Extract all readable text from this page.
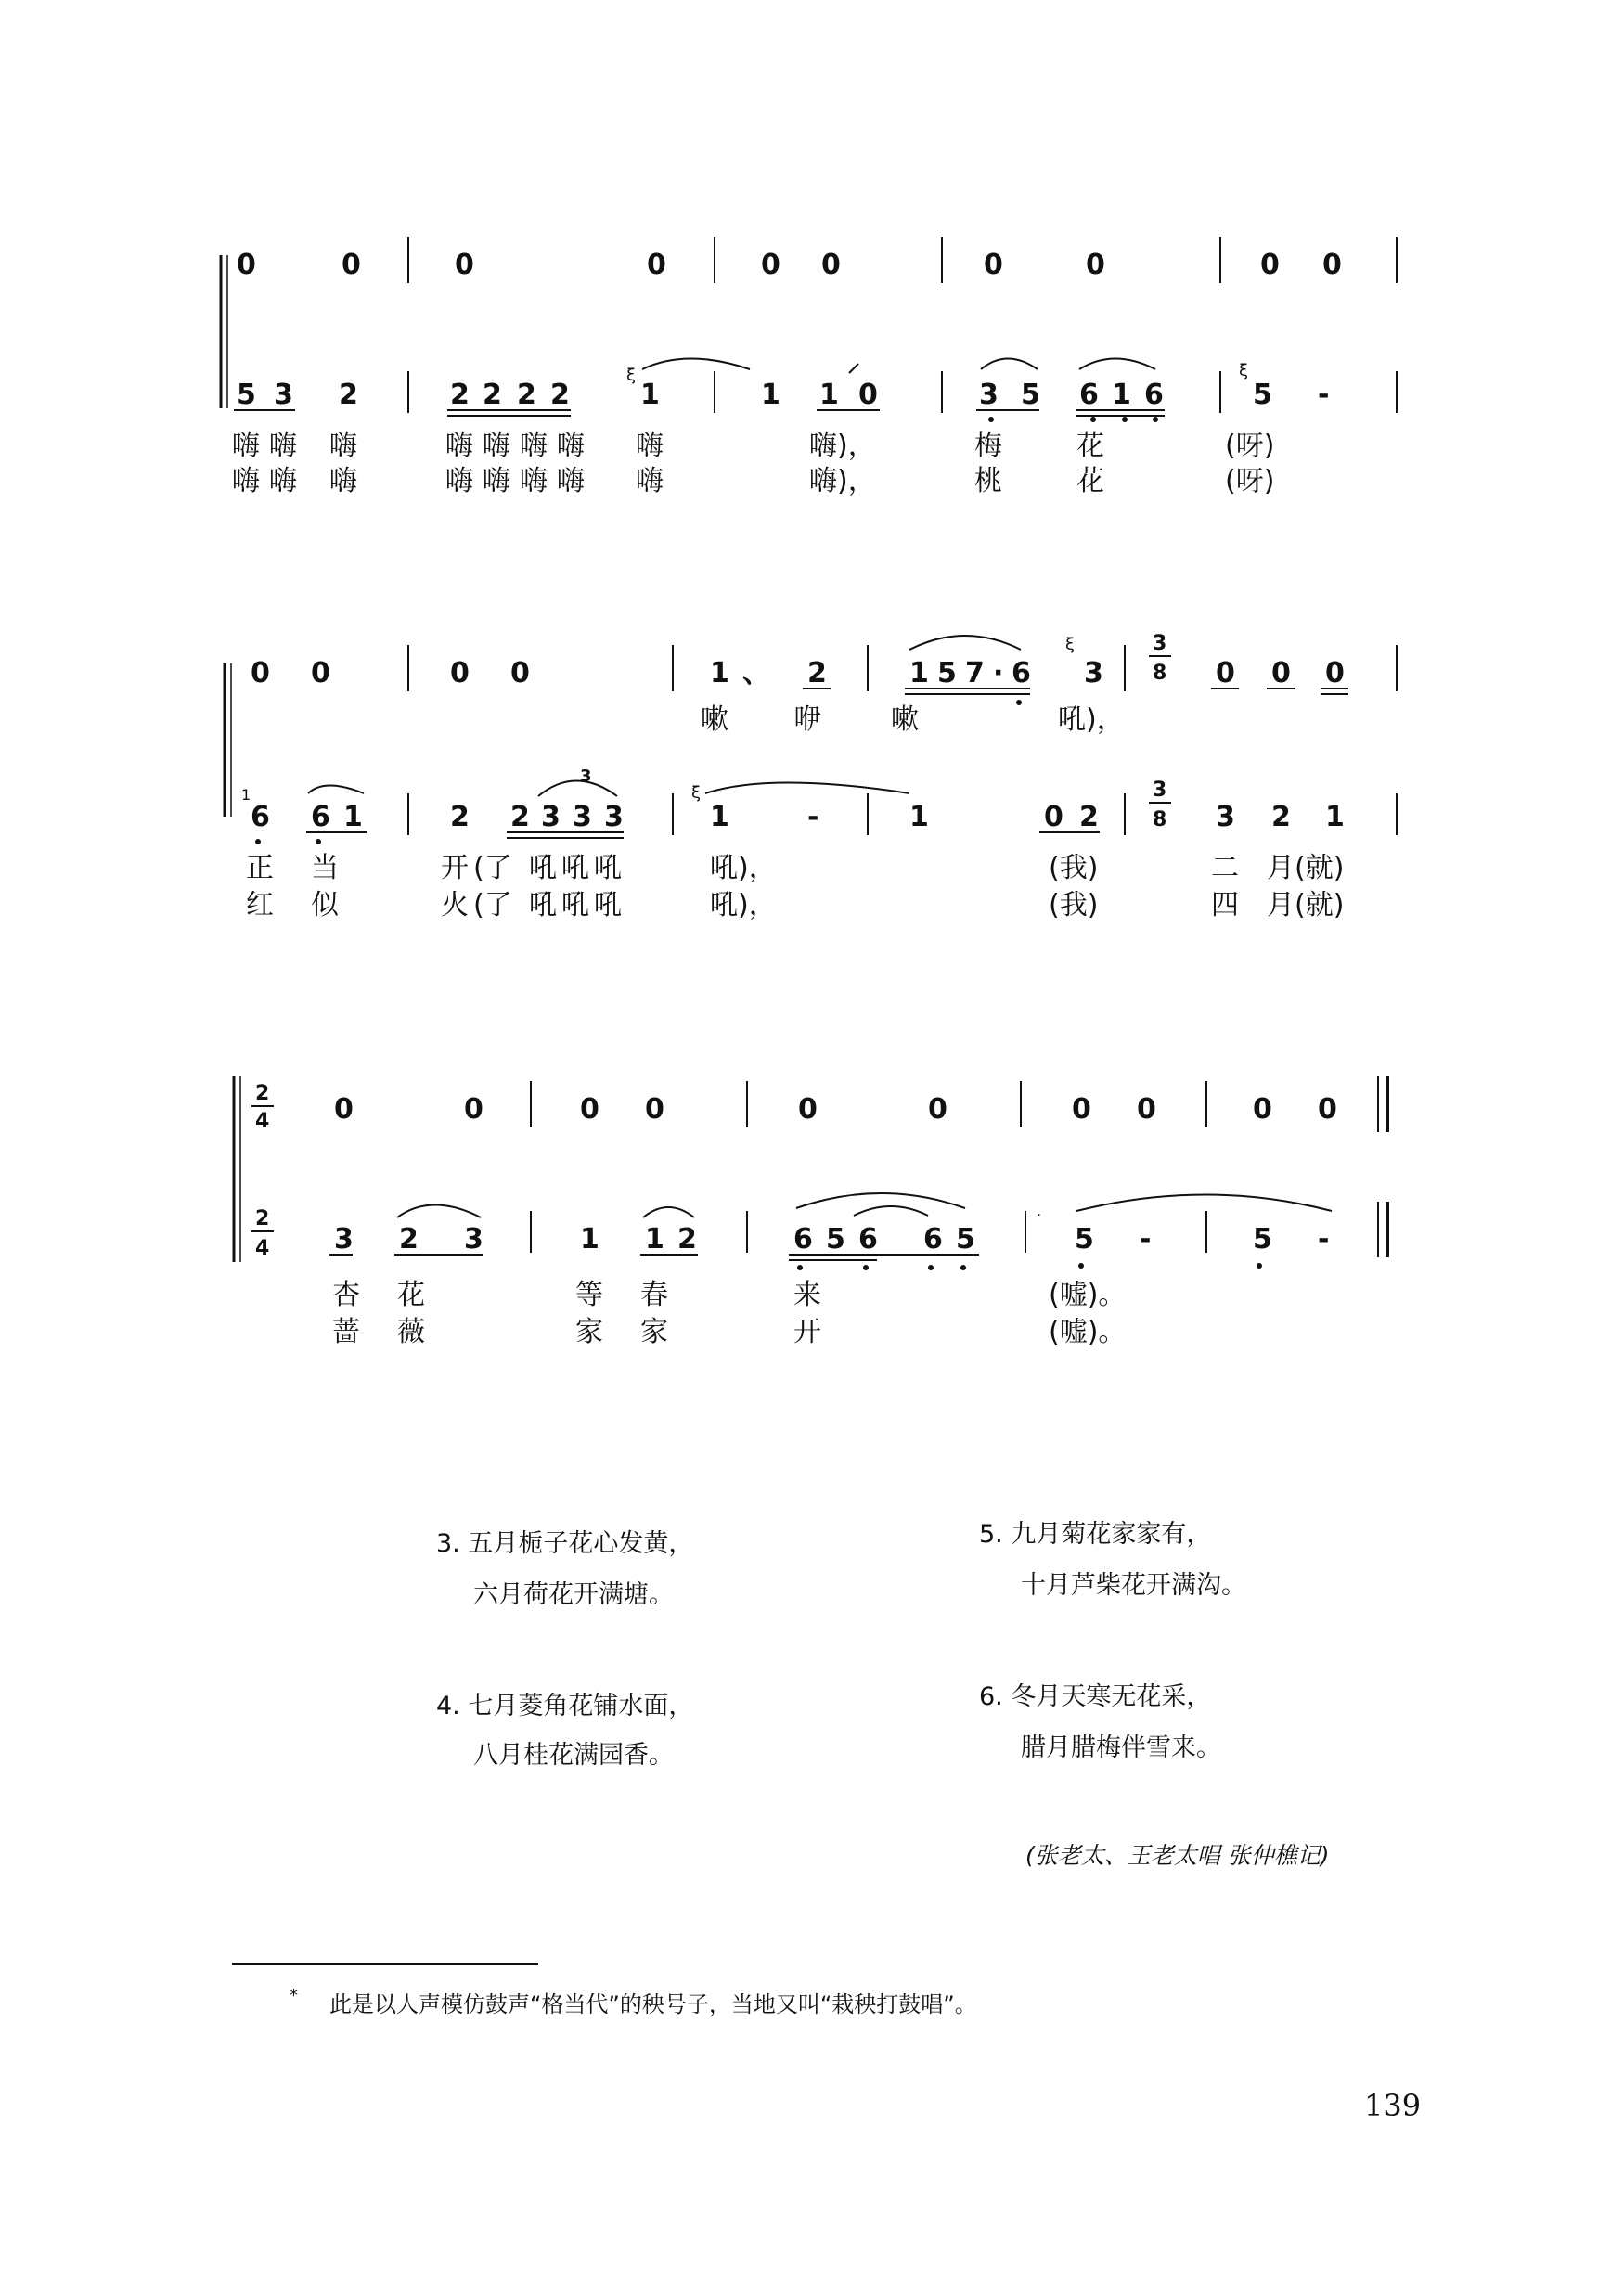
0	0	0	0	0 0	0	0	0 0
5 3 2	2 2 2 2	1	1 1 0	3 5 6 1 6	5 -
ξ	ξ
嗨 嗨 嗨	嗨 嗨 嗨 嗨 嗨	嗨)，	梅	花	(呀)
嗨 嗨 嗨	嗨 嗨 嗨 嗨 嗨	嗨)，	桃	花	(呀)
0 0	0 0	1 、 2	1 5 7 · 6 3	0 0 0
3
8
ξ
嗽 咿	嗽	吼)，
6 6 1	2 2 3 3 3	1	-	1	0 2	3 2 1
3
8
3
1	ξ
正 当	开 (了 吼 吼 吼	吼)，	(我)	二 月 (就)
红 似	火 (了 吼 吼 吼	吼)，	(我)	四 月 (就)
2
4
2
4
0	0	0 0	0	0	0 0	0 0
3 2 3	1 1 2	6 5 6 6 5	5 -	5 -
˙
杏 花	等 春	来	(嘘)。
蔷 薇	家 家	开	(嘘)。
3. 五月栀子花心发黄，
六月荷花开满塘。
4. 七月菱角花铺水面，
八月桂花满园香。
5. 九月菊花家家有，
十月芦柴花开满沟。
6. 冬月天寒无花采，
腊月腊梅伴雪来。
(张老太、王老太唱 张仲樵记)
* 此是以人声模仿鼓声“格当代”的秧号子，当地又叫“栽秧打鼓唱”。
139
